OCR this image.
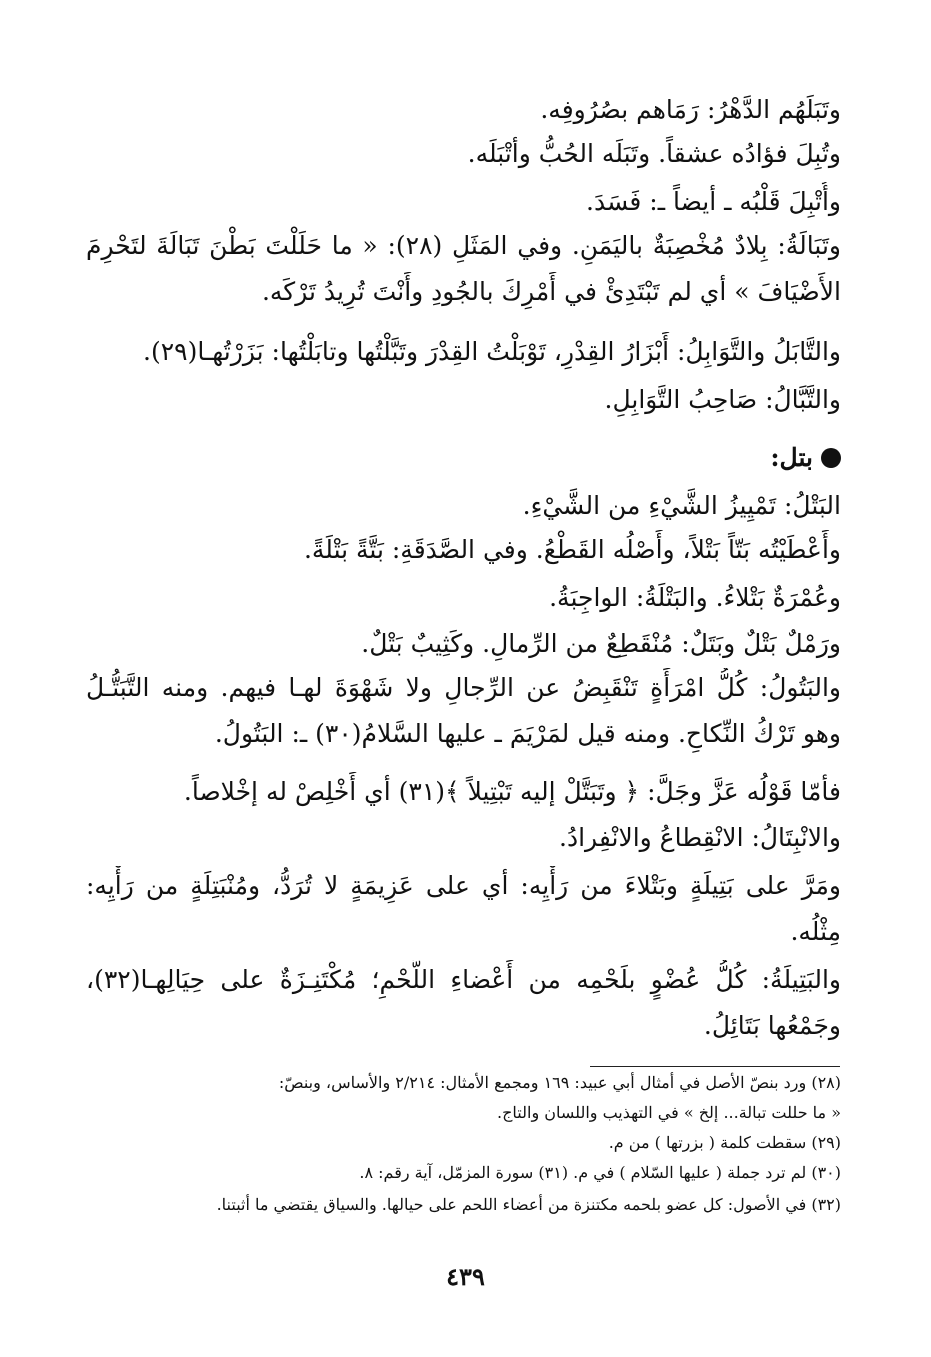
وتَبَلَهُم الدَّهْرُ: رَمَاهم بصُرُوفِه.
وتُبِلَ فؤادُه عشقاً. وتَبَلَه الحُبُّ وأتْبَلَه.
وأُتْبِلَ قَلْبُه ـ أيضاً ـ: فَسَدَ.
وتَبَالَةُ: بِلادٌ مُخْصِبَةٌ باليَمَنِ. وفي المَثَلِ (٢٨): « ما حَلَلْتَ بَطْنَ تَبَالَةَ لتَحْرِمَ
الأَضْيَافَ » أي لم تَبْتَدِئْ في أَمْرِكَ بالجُودِ وأَنْتَ تُرِيدُ تَرْكَه.
والتَّابَلُ والتَّوَابِلُ: أَبْزَارُ القِدْرِ، تَوْبَلْتُ القِدْرَ وتَبَّلْتُها وتابَلْتُها: بَزَرْتُهـا(٢٩).
والتَّبَّالُ: صَاحِبُ التَّوَابِلِ.
بتل:
البَتْلُ: تَمْيِيزُ الشَّيْءِ من الشَّيْءِ.
وأَعْطَيْتُه بَتّاً بَتْلاً، وأَصْلُه القَطْعُ. وفي الصَّدَقَةِ: بَتَّةً بَتْلَةً.
وعُمْرَةٌ بَتْلاءُ. والبَتْلَةُ: الواجِبَةُ.
ورَمْلٌ بَتْلٌ وبَتَلٌ: مُنْقَطِعٌ من الرِّمالِ. وكَثِيبٌ بَتْلٌ.
والبَتُولُ: كُلُّ امْرَأَةٍ تَنْقَبِضُ عن الرِّجالِ ولا شَهْوَةَ لهـا فيهم. ومنه التَّبَتُّـلُ
وهو تَرْكُ النِّكاحِ. ومنه قيل لمَرْيَمَ ـ عليها السَّلامُ(٣٠) ـ: البَتُولُ.
فأمّا قَوْلُه عَزَّ وجَلَّ: ﴿ وتَبَتَّلْ إليه تَبْتِيلاً ﴾(٣١) أي أَخْلِصْ له إخْلاصاً.
والانْبِتَالُ: الانْقِطاعُ والانْفِرادُ.
ومَرَّ على بَتِيلَةٍ وبَتْلاءَ من رَأْيِه: أي على عَزِيمَةٍ لا تُرَدُّ، ومُنْبَتِلَةٍ من رَأْيِه:
مِثْلُه.
والبَتِيلَةُ: كُلُّ عُضْوٍ بلَحْمِه من أَعْضاءِ اللَّحْمِ؛ مُكْتَنِـزَةٌ على حِيَالِهـا(٣٢)،
وجَمْعُها بَتَائِلُ.
(٢٨) ورد بنصّ الأصل في أمثال أبي عبيد: ١٦٩ ومجمع الأمثال: ٢/٢١٤ والأساس، وبنصّ:
« ما حللت تبالة... إلخ » في التهذيب واللسان والتاج.
(٢٩) سقطت كلمة ( بزرتها ) من م.
(٣٠) لم ترد جملة ( عليها السّلام ) في م. (٣١) سورة المزمّل، آية رقم: ٨.
(٣٢) في الأصول: كل عضو بلحمه مكتنزة من أعضاء اللحم على حيالها. والسياق يقتضي ما أثبتنا.
٤٣٩
